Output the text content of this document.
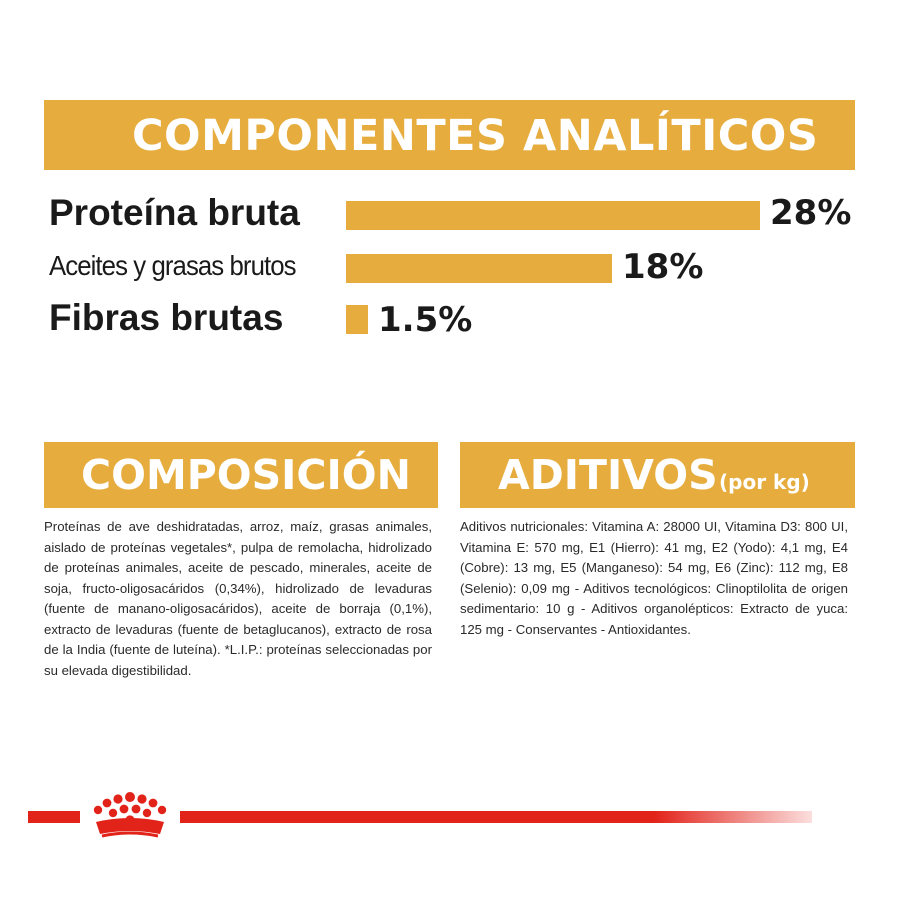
COMPONENTES ANALÍTICOS
Proteína bruta	28%
Aceites y grasas brutos	18%
Fibras brutas	1.5%
COMPOSICIÓN
Proteínas de ave deshidratadas, arroz, maíz, grasas animales, aislado de proteínas vegetales*, pulpa de remolacha, hidrolizado de proteínas animales, aceite de pescado, minerales, aceite de soja, fructo-oligosacáridos (0,34%), hidrolizado de levaduras (fuente de manano-oligosacáridos), aceite de borraja (0,1%), extracto de levaduras (fuente de betaglucanos), extracto de rosa de la India (fuente de luteína). *L.I.P.: proteínas seleccionadas por su elevada digestibilidad.
ADITIVOS (por kg)
Aditivos nutricionales: Vitamina A: 28000 UI, Vitamina D3: 800 UI, Vitamina E: 570 mg, E1 (Hierro): 41 mg, E2 (Yodo): 4,1 mg, E4 (Cobre): 13 mg, E5 (Manganeso): 54 mg, E6 (Zinc): 112 mg, E8 (Selenio): 0,09 mg - Aditivos tecnológicos: Clinoptilolita de origen sedimentario: 10 g - Aditivos organolépticos: Extracto de yuca: 125 mg - Conservantes - Antioxidantes.
